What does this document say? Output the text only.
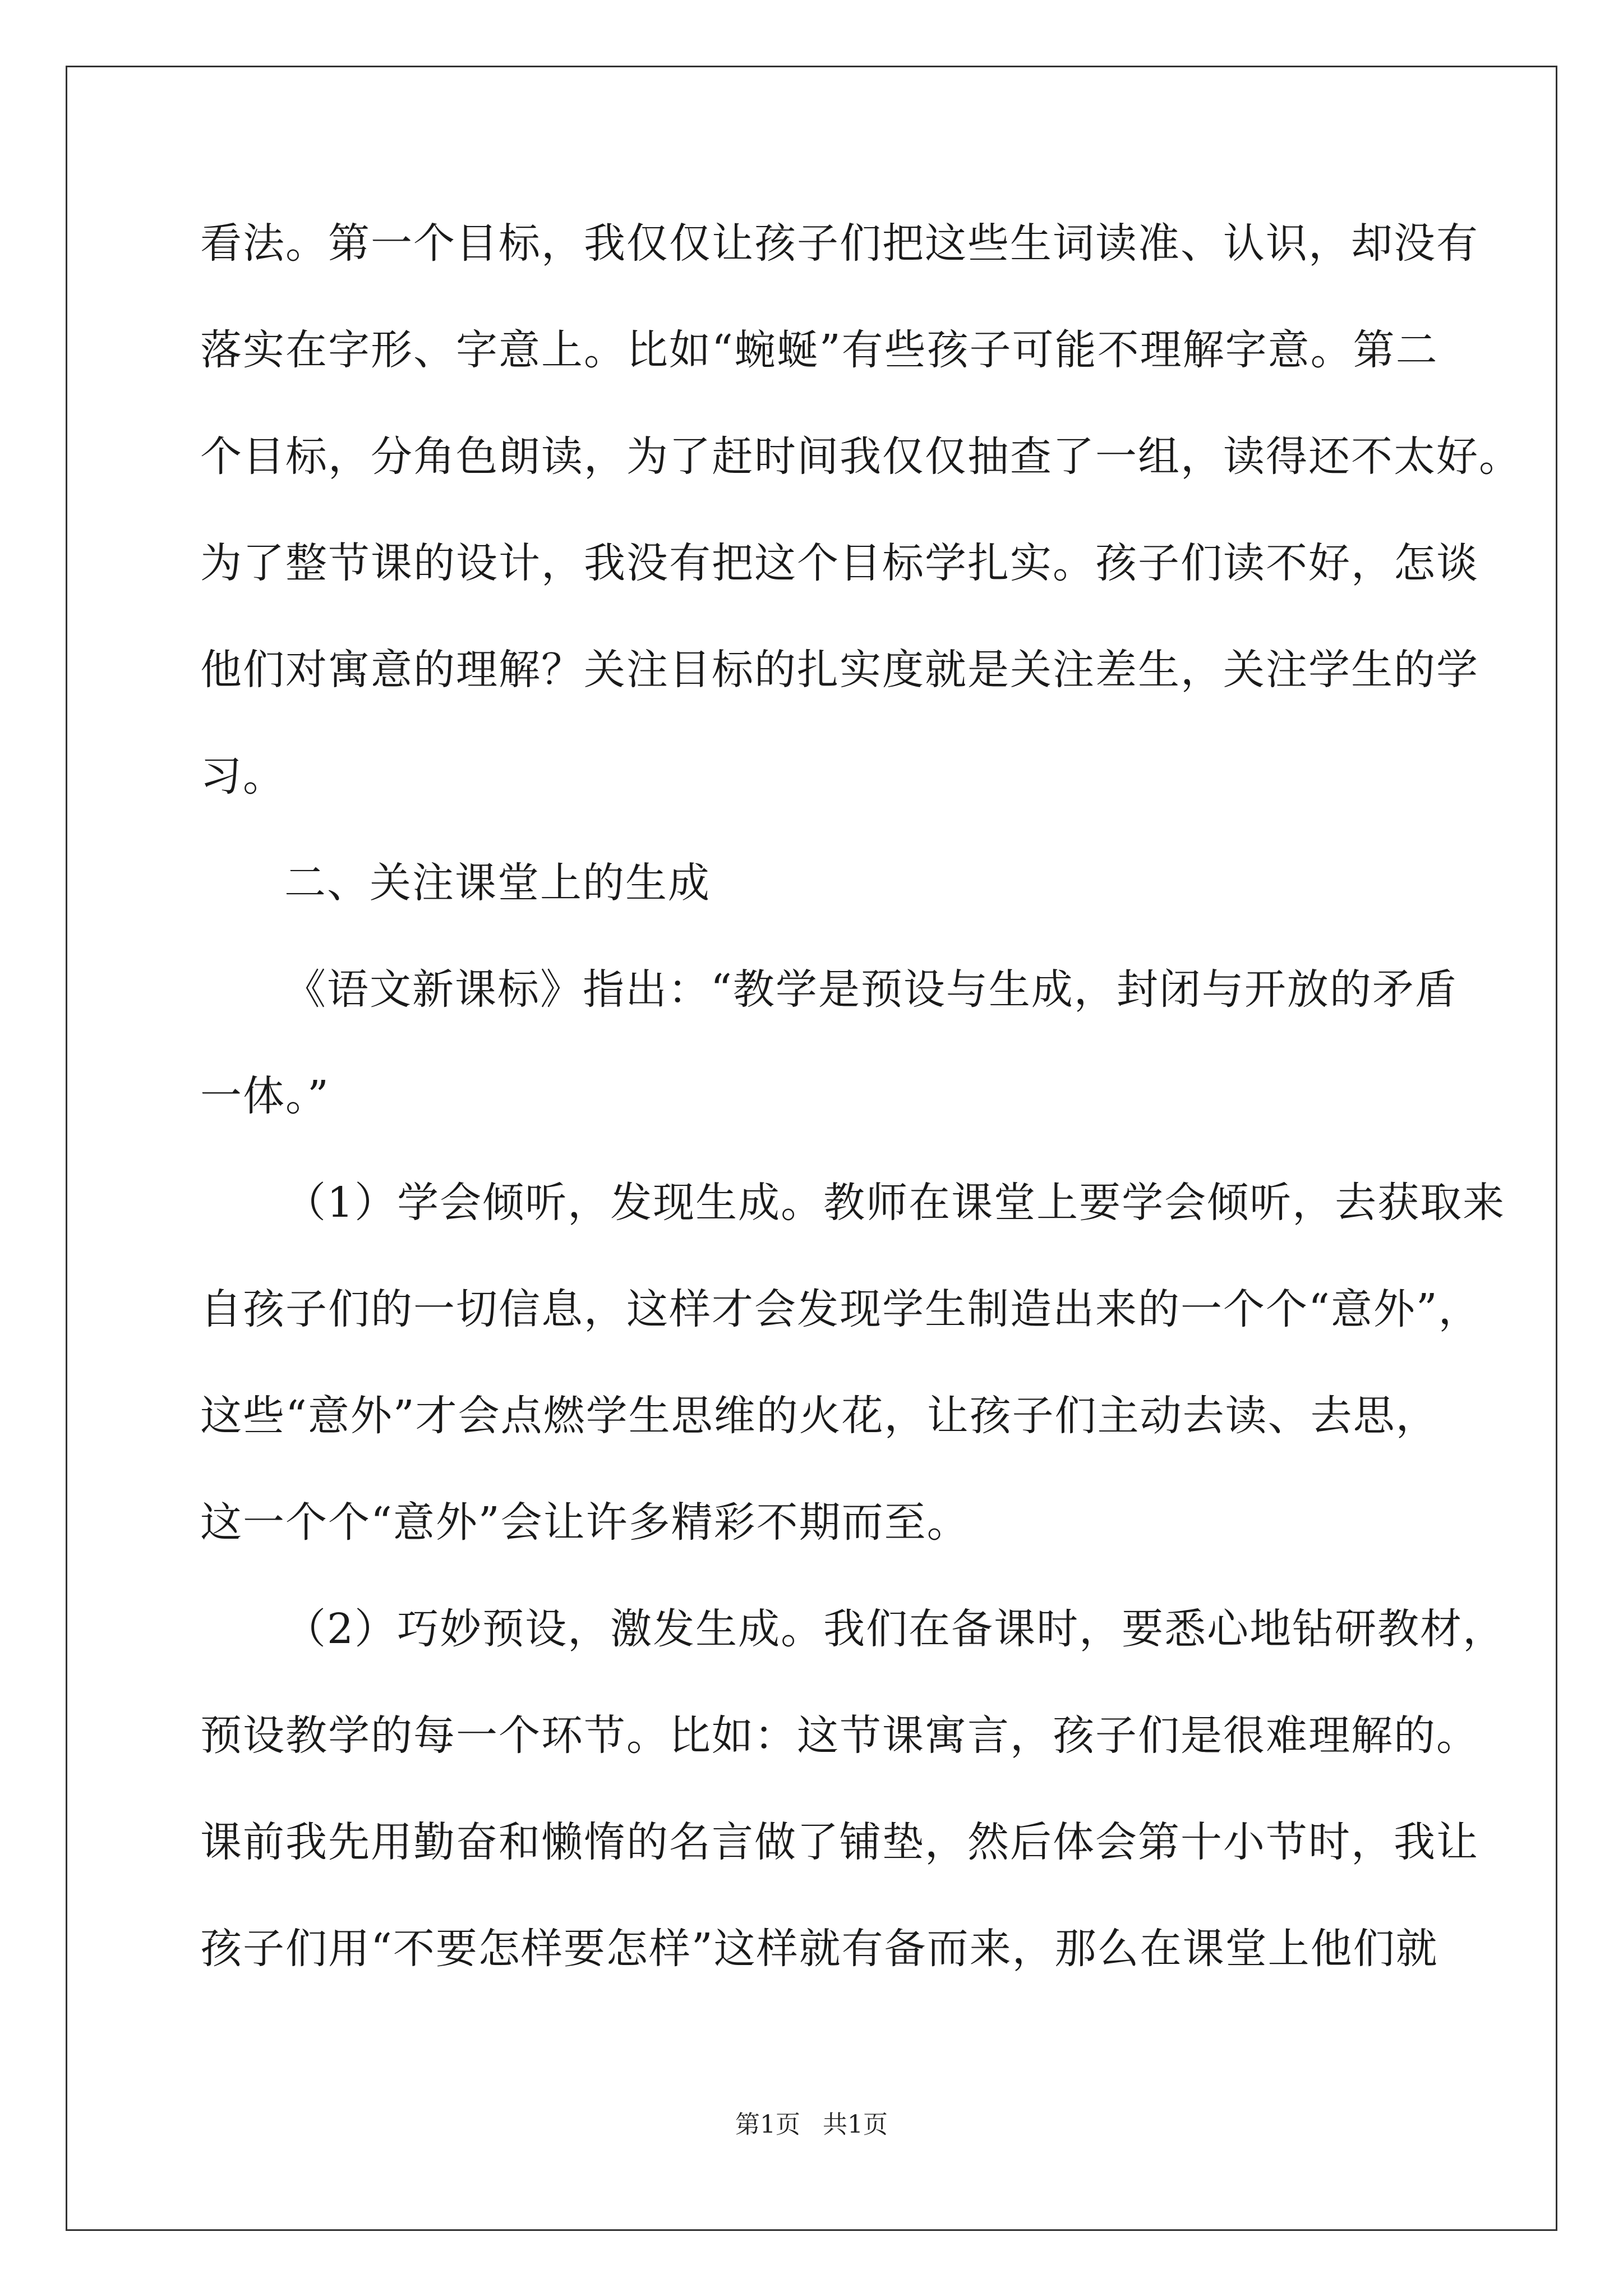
看法。第一个目标，我仅仅让孩子们把这些生词读准、认识，却没有
落实在字形、字意上。比如“蜿蜒”有些孩子可能不理解字意。第二
个目标，分角色朗读，为了赶时间我仅仅抽查了一组，读得还不太好。
为了整节课的设计，我没有把这个目标学扎实。孩子们读不好，怎谈
他们对寓意的理解？关注目标的扎实度就是关注差生，关注学生的学
习。
二、关注课堂上的生成
《语文新课标》指出：“教学是预设与生成，封闭与开放的矛盾
一体。”
（1）学会倾听，发现生成。教师在课堂上要学会倾听，去获取来
自孩子们的一切信息，这样才会发现学生制造出来的一个个“意外”，
这些“意外”才会点燃学生思维的火花，让孩子们主动去读、去思，
这一个个“意外”会让许多精彩不期而至。
（2）巧妙预设，激发生成。我们在备课时，要悉心地钻研教材，
预设教学的每一个环节。比如：这节课寓言，孩子们是很难理解的。
课前我先用勤奋和懒惰的名言做了铺垫，然后体会第十小节时，我让
孩子们用“不要怎样要怎样”这样就有备而来，那么在课堂上他们就
第1页 共1页
